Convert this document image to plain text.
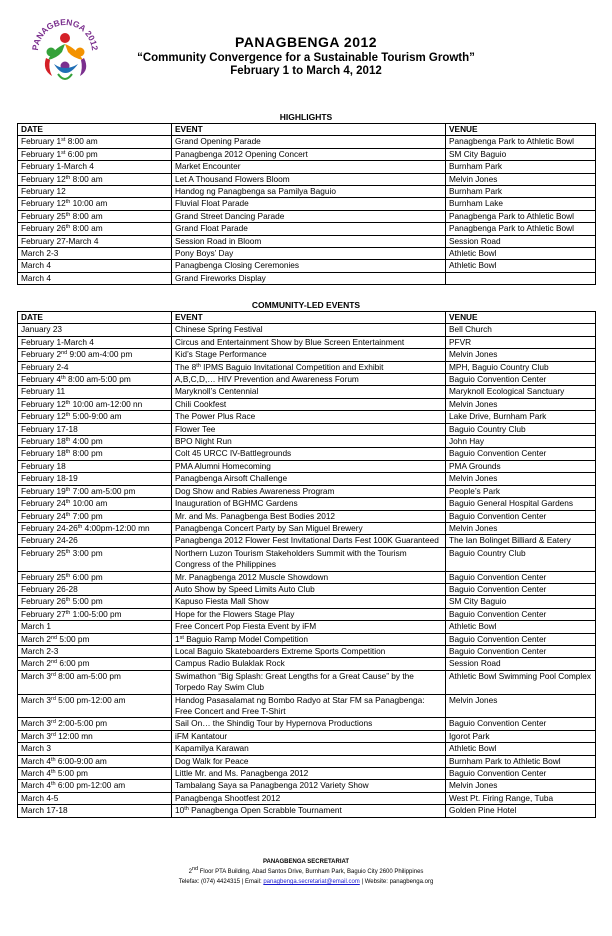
PANAGBENGA 2012	PANAGBENGA 2012
“Community Convergence for a Sustainable Tourism Growth”
February 1 to March 4, 2012
HIGHLIGHTS
DATE	EVENT	VENUE
February 1st 8:00 am	Grand Opening Parade	Panagbenga Park to Athletic Bowl
February 1st 6:00 pm	Panagbenga 2012 Opening Concert	SM City Baguio
February 1-March 4	Market Encounter	Burnham Park
February 12th 8:00 am	Let A Thousand Flowers Bloom	Melvin Jones
February 12	Handog ng Panagbenga sa Pamilya Baguio	Burnham Park
February 12th 10:00 am	Fluvial Float Parade	Burnham Lake
February 25th 8:00 am	Grand Street Dancing Parade	Panagbenga Park to Athletic Bowl
February 26th 8:00 am	Grand Float Parade	Panagbenga Park to Athletic Bowl
February 27-March 4	Session Road in Bloom	Session Road
March 2-3	Pony Boys’ Day	Athletic Bowl
March 4	Panagbenga Closing Ceremonies	Athletic Bowl
March 4	Grand Fireworks Display	
COMMUNITY-LED EVENTS
DATE	EVENT	VENUE
January 23	Chinese Spring Festival	Bell Church
February 1-March 4	Circus and Entertainment Show by Blue Screen Entertainment	PFVR
February 2nd 9:00 am-4:00 pm	Kid’s Stage Performance	Melvin Jones
February 2-4	The 8th IPMS Baguio Invitational Competition and Exhibit	MPH, Baguio Country Club
February 4th 8:00 am-5:00 pm	A,B,C,D,… HIV Prevention and Awareness Forum	Baguio Convention Center
February 11	Maryknoll’s Centennial	Maryknoll Ecological Sanctuary
February 12th 10:00 am-12:00 nn	Chili Cookfest	Melvin Jones
February 12th 5:00-9:00 am	The Power Plus Race	Lake Drive, Burnham Park
February 17-18	Flower Tee	Baguio Country Club
February 18th 4:00 pm	BPO Night Run	John Hay
February 18th 8:00 pm	Colt 45 URCC IV-Battlegrounds	Baguio Convention Center
February 18	PMA Alumni Homecoming	PMA Grounds
February 18-19	Panagbenga Airsoft Challenge	Melvin Jones
February 19th 7:00 am-5:00 pm	Dog Show and Rabies Awareness Program	People’s Park
February 24th 10:00 am	Inauguration of BGHMC Gardens	Baguio General Hospital Gardens
February 24th 7:00 pm	Mr. and Ms. Panagbenga Best Bodies 2012	Baguio Convention Center
February 24-26th 4:00pm-12:00 mn	Panagbenga Concert Party by San Miguel Brewery	Melvin Jones
February 24-26	Panagbenga 2012 Flower Fest Invitational Darts Fest 100K Guaranteed	The Ian Bolinget Billiard & Eatery
February 25th 3:00 pm	Northern Luzon Tourism Stakeholders Summit with the Tourism Congress of the Philippines	Baguio Country Club
February 25th 6:00 pm	Mr. Panagbenga 2012 Muscle Showdown	Baguio Convention Center
February 26-28	Auto Show by Speed Limits Auto Club	Baguio Convention Center
February 26th 5:00 pm	Kapuso Fiesta Mall Show	SM City Baguio
February 27th 1:00-5:00 pm	Hope for the Flowers Stage Play	Baguio Convention Center
March 1	Free Concert Pop Fiesta Event by iFM	Athletic Bowl
March 2nd 5:00 pm	1st Baguio Ramp Model Competition	Baguio Convention Center
March 2-3	Local Baguio Skateboarders Extreme Sports Competition	Baguio Convention Center
March 2nd 6:00 pm	Campus Radio Bulaklak Rock	Session Road
March 3rd 8:00 am-5:00 pm	Swimathon “Big Splash: Great Lengths for a Great Cause” by the Torpedo Ray Swim Club	Athletic Bowl Swimming Pool Complex
March 3rd 5:00 pm-12:00 am	Handog Pasasalamat ng Bombo Radyo at Star FM sa Panagbenga: Free Concert and Free T-Shirt	Melvin Jones
March 3rd 2:00-5:00 pm	Sail On… the Shindig Tour by Hypernova Productions	Baguio Convention Center
March 3rd 12:00 mn	iFM Kantatour	Igorot Park
March 3	Kapamilya Karawan	Athletic Bowl
March 4th 6:00-9:00 am	Dog Walk for Peace	Burnham Park to Athletic Bowl
March 4th 5:00 pm	Little Mr. and Ms. Panagbenga 2012	Baguio Convention Center
March 4th 6:00 pm-12:00 am	Tambalang Saya sa Panagbenga 2012 Variety Show	Melvin Jones
March 4-5	Panagbenga Shootfest 2012	West Pt. Firing Range, Tuba
March 17-18	10th Panagbenga Open Scrabble Tournament	Golden Pine Hotel
PANAGBENGA SECRETARIAT
2nd Floor PTA Building, Abad Santos Drive, Burnham Park, Baguio City 2600 Philippines
Telefax: (074) 4424315 | Email: panagbenga.secretariat@email.com | Website: panagbenga.org
